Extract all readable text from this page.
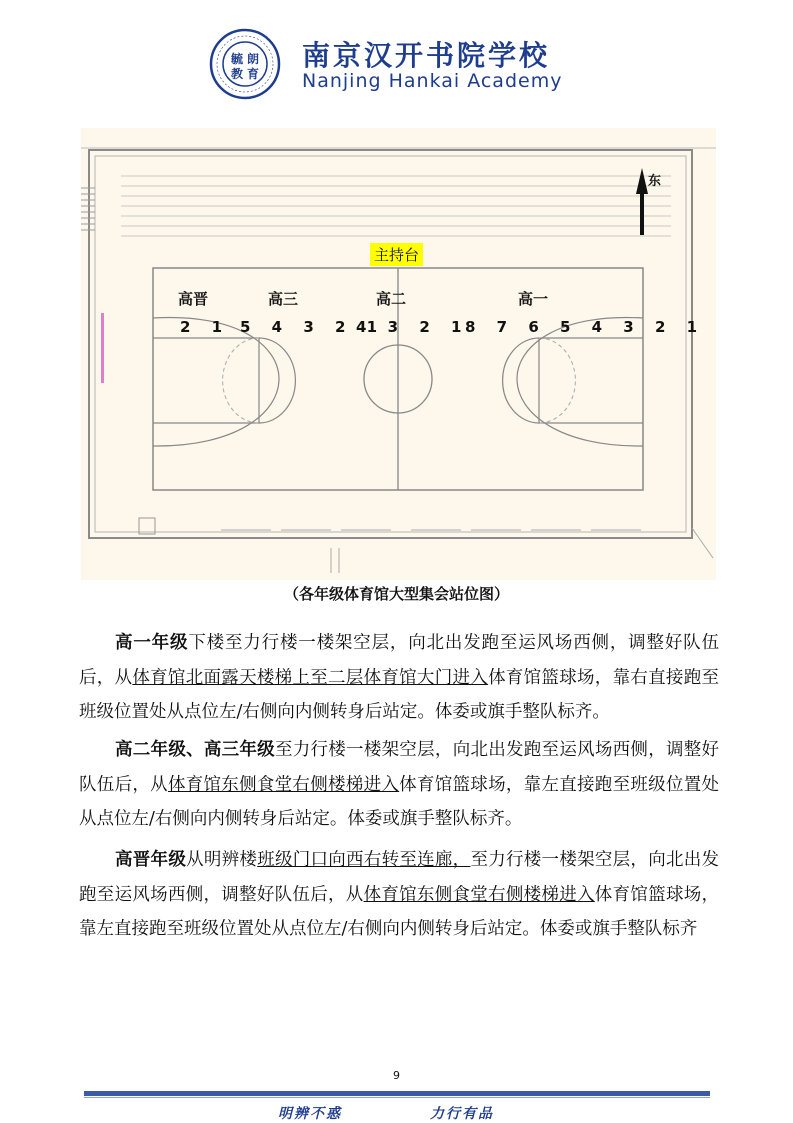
毓 朗
教 育
南京汉开书院学校
Nanjing Hankai Academy
东
主持台
高晋	高三	高二	高一
2 1 5 4 3 2 1
4 3 2 1
8 7 6 5 4 3 2 1
（各年级体育馆大型集会站位图）
高一年级下楼至力行楼一楼架空层，向北出发跑至运风场西侧，调整好队伍后，从体育馆北面露天楼梯上至二层体育馆大门进入体育馆篮球场，靠右直接跑至班级位置处从点位左/右侧向内侧转身后站定。体委或旗手整队标齐。
高二年级、高三年级至力行楼一楼架空层，向北出发跑至运风场西侧，调整好队伍后，从体育馆东侧食堂右侧楼梯进入体育馆篮球场，靠左直接跑至班级位置处从点位左/右侧向内侧转身后站定。体委或旗手整队标齐。
高晋年级从明辨楼班级门口向西右转至连廊，至力行楼一楼架空层，向北出发跑至运风场西侧，调整好队伍后，从体育馆东侧食堂右侧楼梯进入体育馆篮球场，靠左直接跑至班级位置处从点位左/右侧向内侧转身后站定。体委或旗手整队标齐
9
明辨不惑	力行有品
